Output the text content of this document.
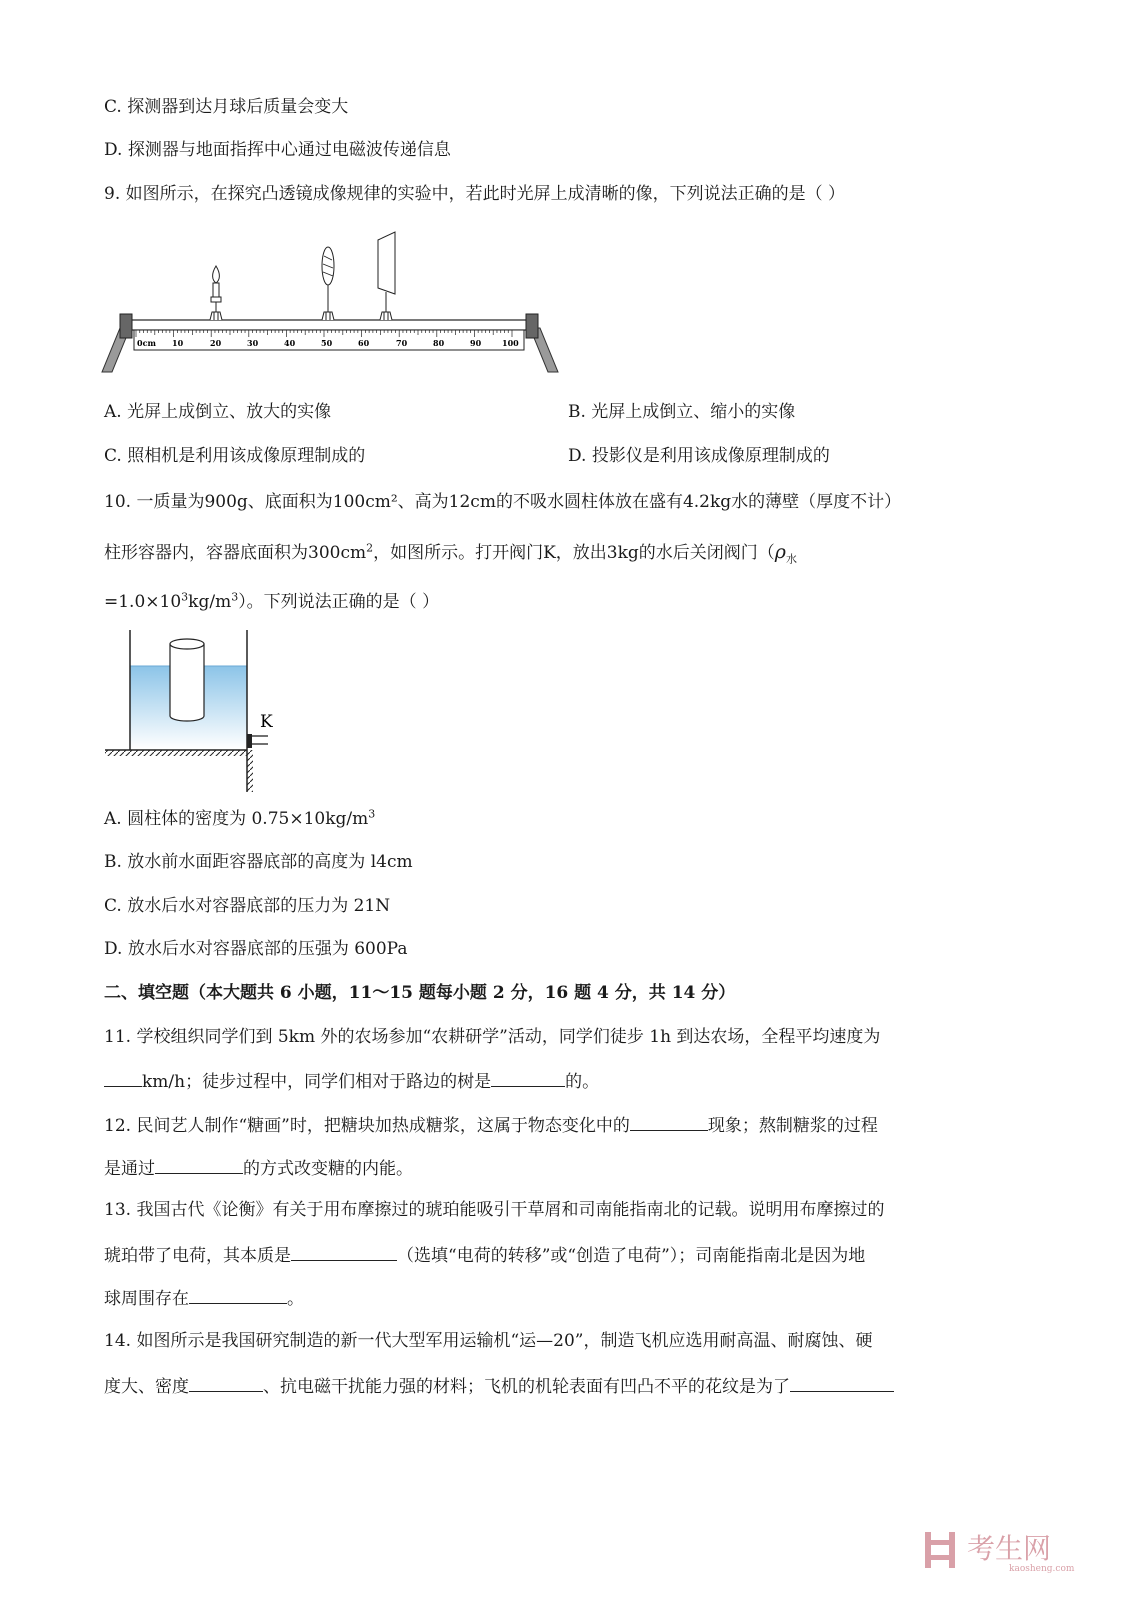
C. 探测器到达月球后质量会变大
D. 探测器与地面指挥中心通过电磁波传递信息
9. 如图所示，在探究凸透镜成像规律的实验中，若此时光屏上成清晰的像，下列说法正确的是（ ）
0cm 10	20	30	40	50	60	70	80	90	100
A. 光屏上成倒立、放大的实像	B. 光屏上成倒立、缩小的实像
C. 照相机是利用该成像原理制成的	D. 投影仪是利用该成像原理制成的
10. 一质量为900g、底面积为100cm²、高为12cm的不吸水圆柱体放在盛有4.2kg水的薄壁（厚度不计）
柱形容器内，容器底面积为$300cm^2$，如图所示。打开阀门K，放出3kg的水后关闭阀门（$\rho_水$
$=1.0\times 10^3kg/m^3$）。下列说法正确的是（ ）
K
A. 圆柱体的密度为 $0.75\times 10kg/m^3$
B. 放水前水面距容器底部的高度为 l4cm
C. 放水后水对容器底部的压力为 21N
D. 放水后水对容器底部的压强为 600Pa
二、填空题（本大题共 6 小题，11～15 题每小题 2 分，16 题 4 分，共 14 分）
11. 学校组织同学们到 5km 外的农场参加“农耕研学”活动，同学们徒步 1h 到达农场，全程平均速度为
km/h；徒步过程中，同学们相对于路边的树是	的。
12. 民间艺人制作“糖画”时，把糖块加热成糖浆，这属于物态变化中的	现象；熬制糖浆的过程
是通过	的方式改变糖的内能。
13. 我国古代《论衡》有关于用布摩擦过的琥珀能吸引干草屑和司南能指南北的记载。说明用布摩擦过的
琥珀带了电荷，其本质是	（选填“电荷的转移”或“创造了电荷”）；司南能指南北是因为地
球周围存在	。
14. 如图所示是我国研究制造的新一代大型军用运输机“运—20”，制造飞机应选用耐高温、耐腐蚀、硬
度大、密度	、抗电磁干扰能力强的材料；飞机的机轮表面有凹凸不平的花纹是为了
考生网
kaosheng.com
